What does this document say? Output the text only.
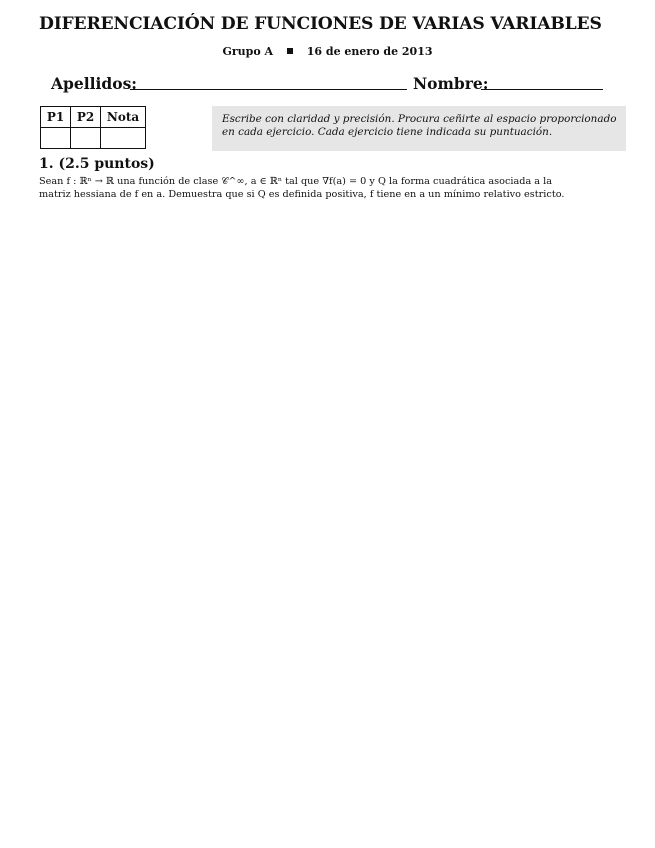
DIFERENCIACIÓN DE FUNCIONES DE VARIAS VARIABLES
Grupo A	16 de enero de 2013
Apellidos:	Nombre:
P1	P2	Nota
			Escribe con claridad y precisión. Procura ceñirte al espacio proporcionado
en cada ejercicio. Cada ejercicio tiene indicada su puntuación.
1. (2.5 puntos)
Sean f : ℝⁿ → ℝ una función de clase 𝒞^∞, a ∈ ℝⁿ tal que ∇f(a) = 0 y Q la forma cuadrática asociada a la
matriz hessiana de f en a. Demuestra que si Q es definida positiva, f tiene en a un mínimo relativo estricto.
